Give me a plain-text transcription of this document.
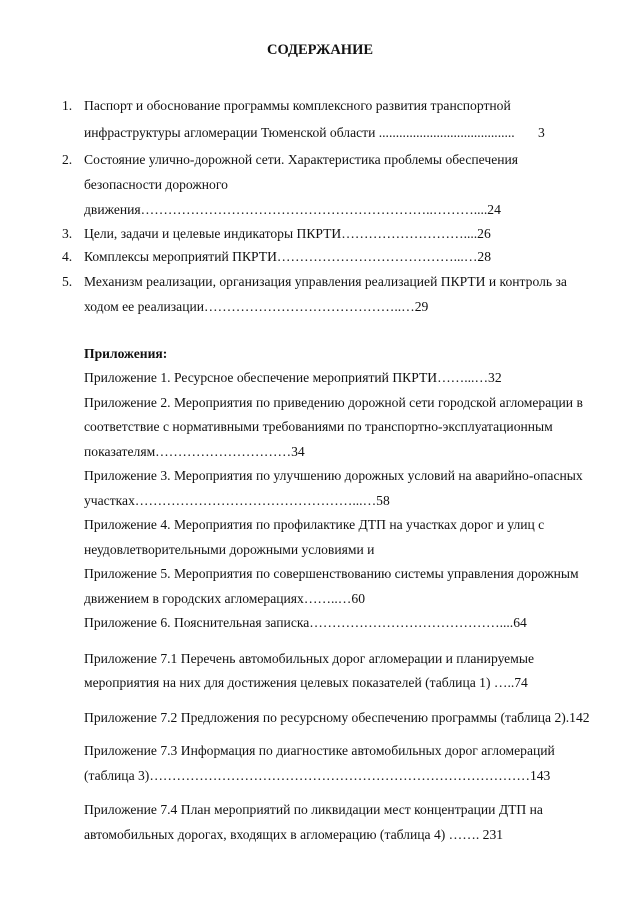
СОДЕРЖАНИЕ
1. Паспорт и обоснование программы комплексного развития транспортной
инфраструктуры агломерации Тюменской области ........................................ 3
2. Состояние улично-дорожной сети. Характеристика проблемы обеспечения
безопасности дорожного
движения………………………………………………………..………....24
3. Цели, задачи и целевые индикаторы ПКРТИ………………………....26
4. Комплексы мероприятий ПКРТИ…………………………………...…28
5. Механизм реализации, организация управления реализацией ПКРТИ и контроль за
ходом ее реализации……………………………………..…29
Приложения:
Приложение 1. Ресурсное обеспечение мероприятий ПКРТИ……...…32
Приложение 2. Мероприятия по приведению дорожной сети городской агломерации в
соответствие с нормативными требованиями по транспортно-эксплуатационным
показателям…………………………34
Приложение 3. Мероприятия по улучшению дорожных условий на аварийно-опасных
участках…………………………………………...…58
Приложение 4. Мероприятия по профилактике ДТП на участках дорог и улиц с
неудовлетворительными дорожными условиями и
Приложение 5. Мероприятия по совершенствованию системы управления дорожным
движением в городских агломерациях……..…60
Приложение 6. Пояснительная записка……………………………………....64
Приложение 7.1 Перечень автомобильных дорог агломерации и планируемые
мероприятия на них для достижения целевых показателей (таблица 1) …..74
Приложение 7.2 Предложения по ресурсному обеспечению программы (таблица 2).142
Приложение 7.3 Информация по диагностике автомобильных дорог агломераций
(таблица 3)…………………………………………………………………………143
Приложение 7.4 План мероприятий по ликвидации мест концентрации ДТП на
автомобильных дорогах, входящих в агломерацию (таблица 4) ……. 231
